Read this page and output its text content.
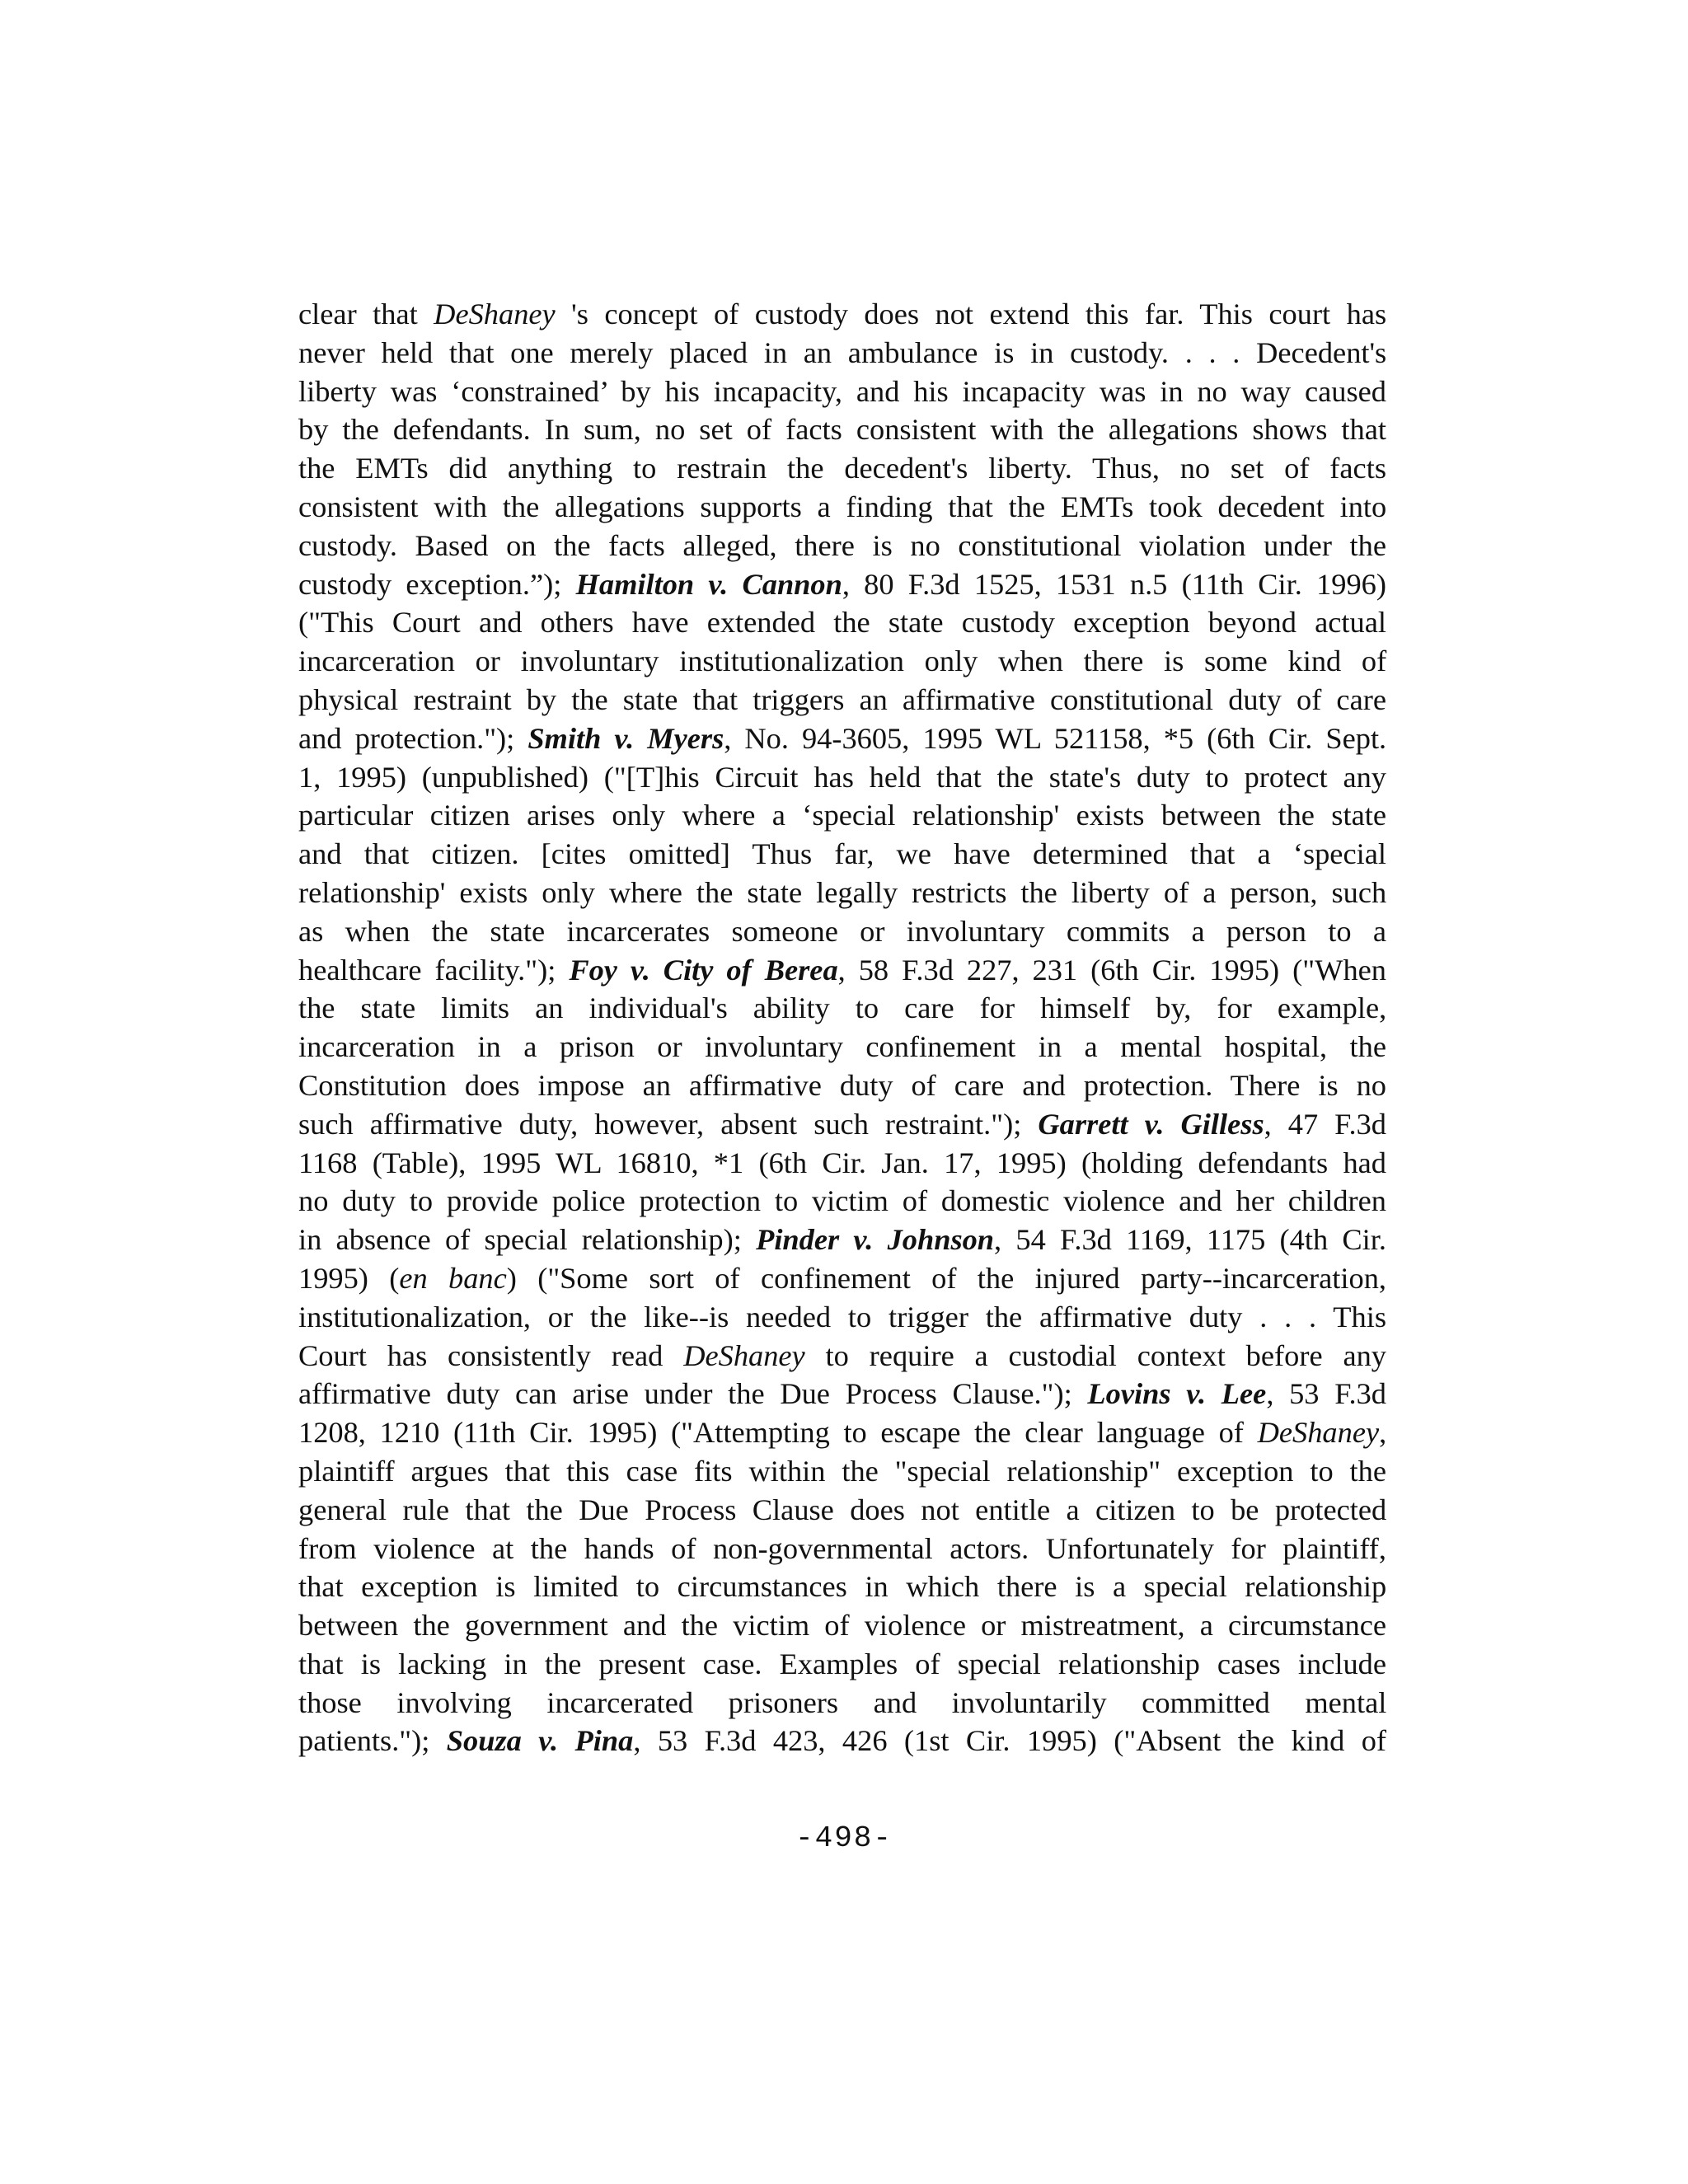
clear that DeShaney 's concept of custody does not extend this far. This court has
never held that one merely placed in an ambulance is in custody. . . . Decedent's
liberty was ‘constrained’ by his incapacity, and his incapacity was in no way caused
by the defendants. In sum, no set of facts consistent with the allegations shows that
the EMTs did anything to restrain the decedent's liberty. Thus, no set of facts
consistent with the allegations supports a finding that the EMTs took decedent into
custody. Based on the facts alleged, there is no constitutional violation under the
custody exception.”); Hamilton v. Cannon, 80 F.3d 1525, 1531 n.5 (11th Cir. 1996)
("This Court and others have extended the state custody exception beyond actual
incarceration or involuntary institutionalization only when there is some kind of
physical restraint by the state that triggers an affirmative constitutional duty of care
and protection."); Smith v. Myers, No. 94-3605, 1995 WL 521158, *5 (6th Cir. Sept.
1, 1995) (unpublished) ("[T]his Circuit has held that the state's duty to protect any
particular citizen arises only where a ‘special relationship' exists between the state
and that citizen. [cites omitted] Thus far, we have determined that a ‘special
relationship' exists only where the state legally restricts the liberty of a person, such
as when the state incarcerates someone or involuntary commits a person to a
healthcare facility."); Foy v. City of Berea, 58 F.3d 227, 231 (6th Cir. 1995) ("When
the state limits an individual's ability to care for himself by, for example,
incarceration in a prison or involuntary confinement in a mental hospital, the
Constitution does impose an affirmative duty of care and protection. There is no
such affirmative duty, however, absent such restraint."); Garrett v. Gilless, 47 F.3d
1168 (Table), 1995 WL 16810, *1 (6th Cir. Jan. 17, 1995) (holding defendants had
no duty to provide police protection to victim of domestic violence and her children
in absence of special relationship); Pinder v. Johnson, 54 F.3d 1169, 1175 (4th Cir.
1995) (en banc) ("Some sort of confinement of the injured party--incarceration,
institutionalization, or the like--is needed to trigger the affirmative duty . . . This
Court has consistently read DeShaney to require a custodial context before any
affirmative duty can arise under the Due Process Clause."); Lovins v. Lee, 53 F.3d
1208, 1210 (11th Cir. 1995) ("Attempting to escape the clear language of DeShaney,
plaintiff argues that this case fits within the "special relationship" exception to the
general rule that the Due Process Clause does not entitle a citizen to be protected
from violence at the hands of non-governmental actors. Unfortunately for plaintiff,
that exception is limited to circumstances in which there is a special relationship
between the government and the victim of violence or mistreatment, a circumstance
that is lacking in the present case. Examples of special relationship cases include
those involving incarcerated prisoners and involuntarily committed mental
patients."); Souza v. Pina, 53 F.3d 423, 426 (1st Cir. 1995) ("Absent the kind of
-498-
